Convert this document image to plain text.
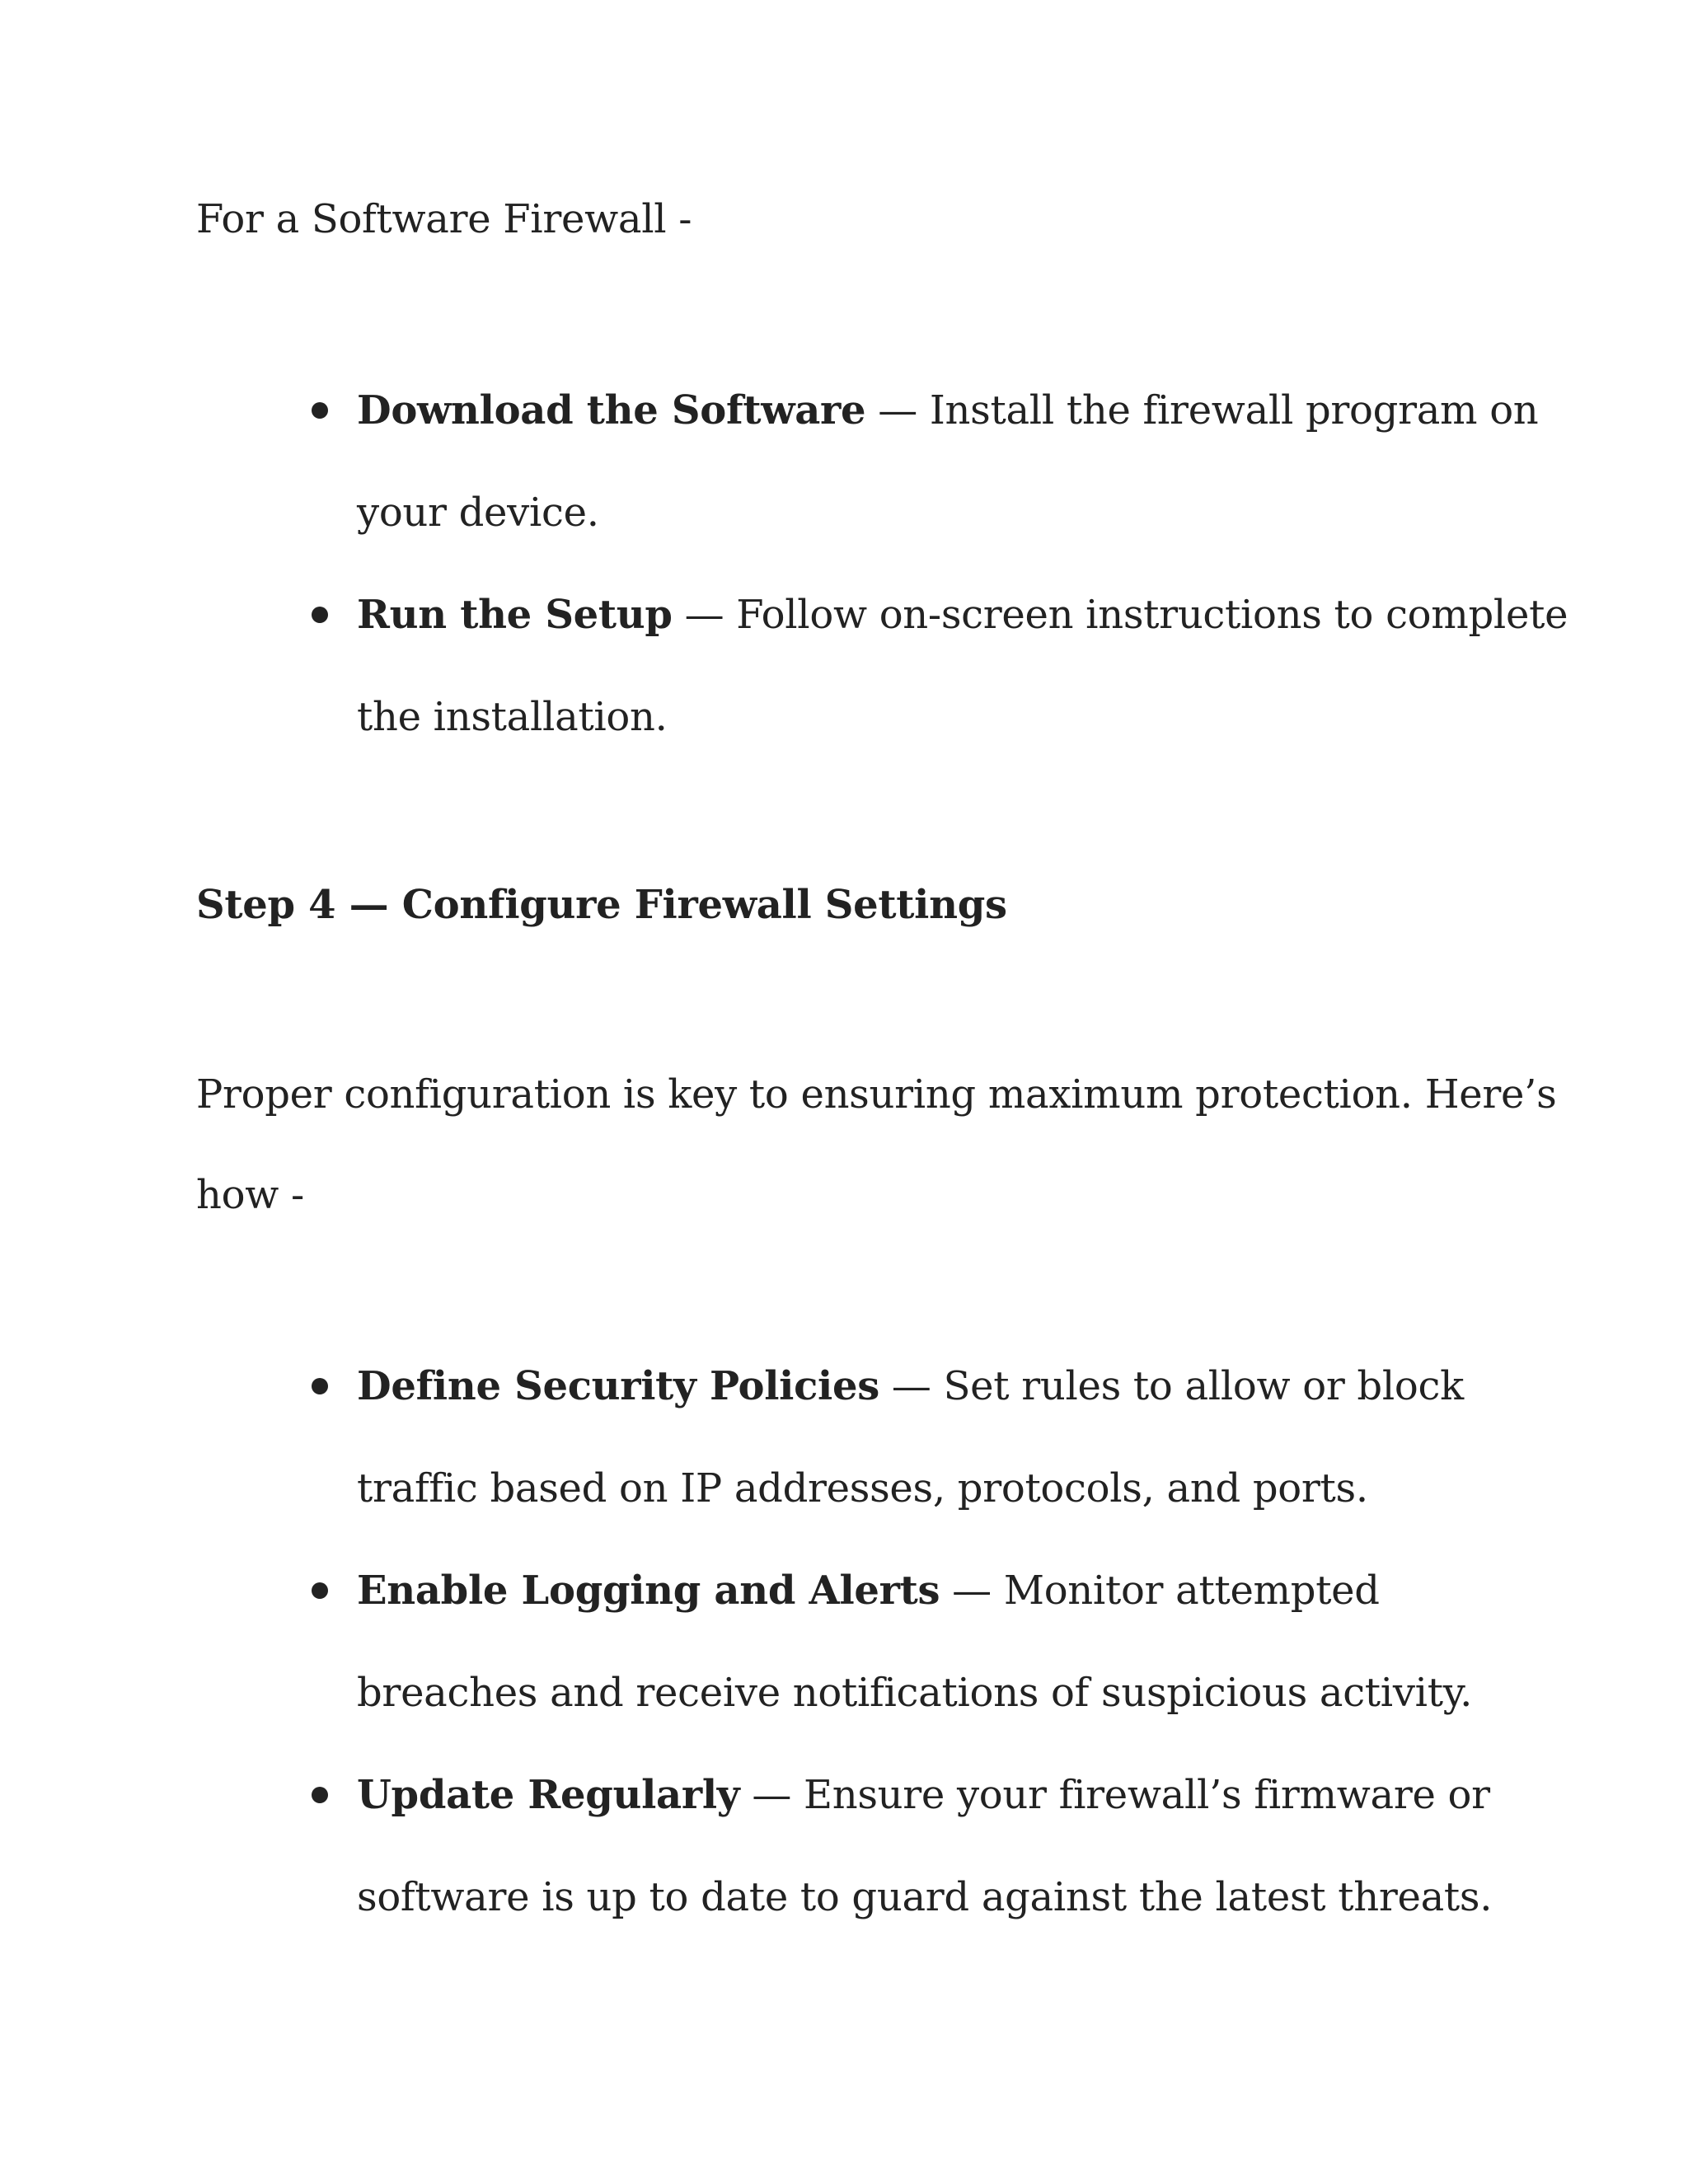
For a Software Firewall -
Download the Software — Install the firewall program on
your device.
Run the Setup — Follow on-screen instructions to complete
the installation.
Step 4 — Configure Firewall Settings
Proper configuration is key to ensuring maximum protection. Here’s
how -
Define Security Policies — Set rules to allow or block
traffic based on IP addresses, protocols, and ports.
Enable Logging and Alerts — Monitor attempted
breaches and receive notifications of suspicious activity.
Update Regularly — Ensure your firewall’s firmware or
software is up to date to guard against the latest threats.
